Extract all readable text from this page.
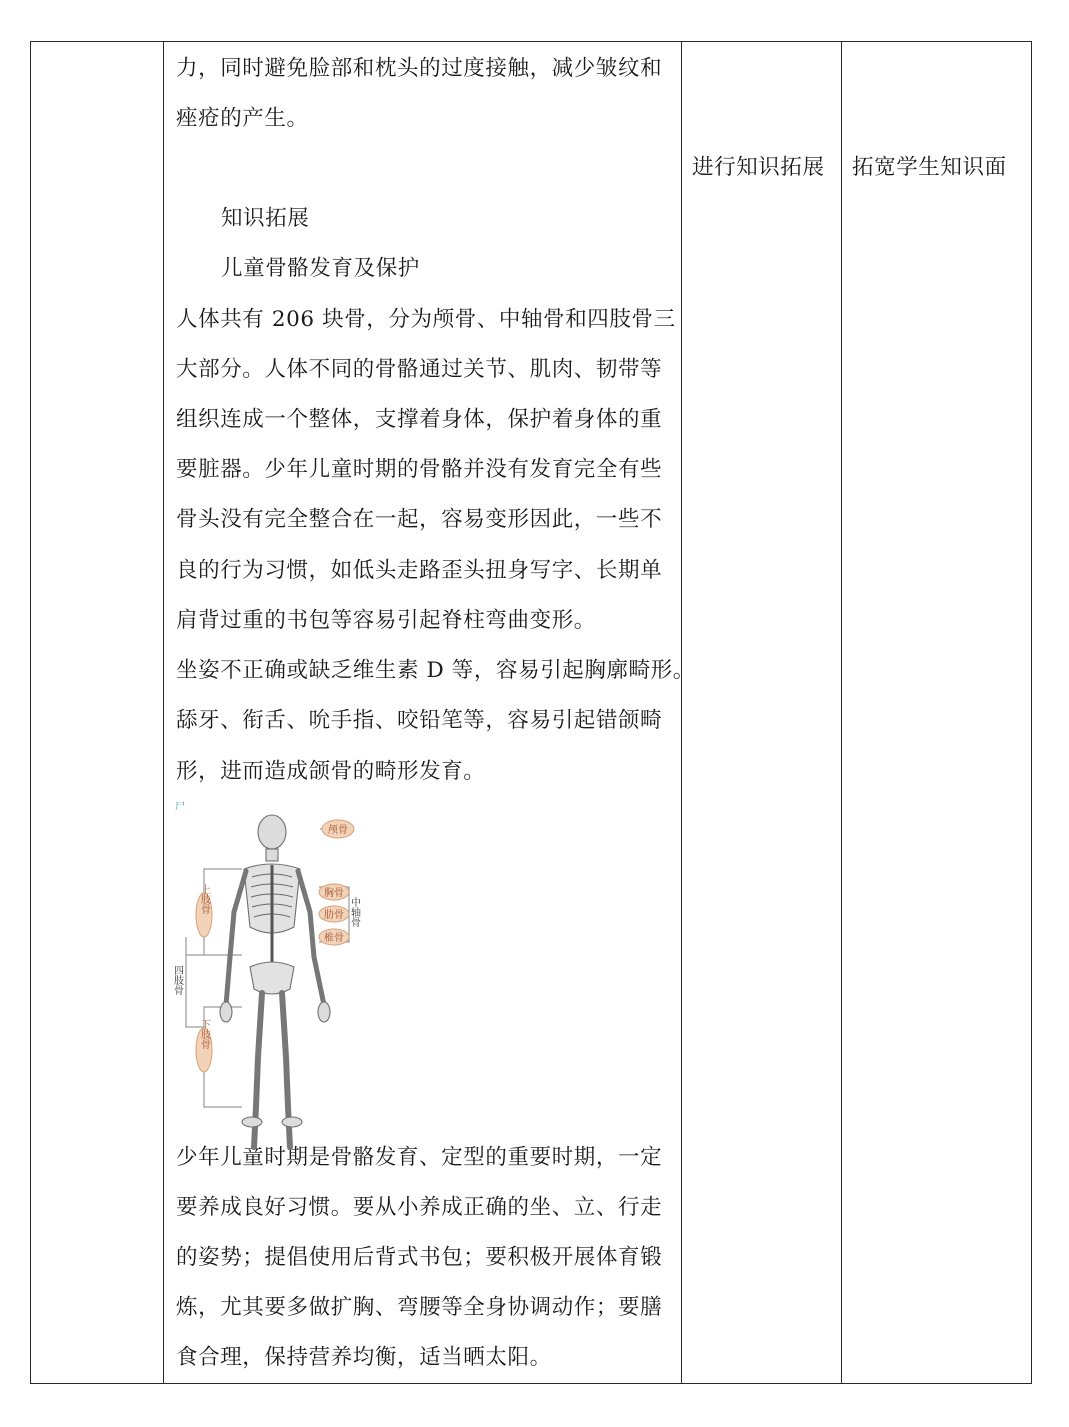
力，同时避免脸部和枕头的过度接触，减少皱纹和
痤疮的产生。
知识拓展
儿童骨骼发育及保护
人体共有 206 块骨，分为颅骨、中轴骨和四肢骨三
大部分。人体不同的骨骼通过关节、肌肉、韧带等
组织连成一个整体，支撑着身体，保护着身体的重
要脏器。少年儿童时期的骨骼并没有发育完全有些
骨头没有完全整合在一起，容易变形因此，一些不
良的行为习惯，如低头走路歪头扭身写字、长期单
肩背过重的书包等容易引起脊柱弯曲变形。
坐姿不正确或缺乏维生素 D 等，容易引起胸廓畸形。
舔牙、衔舌、吮手指、咬铅笔等，容易引起错颌畸
形，进而造成颌骨的畸形发育。
少年儿童时期是骨骼发育、定型的重要时期，一定
要养成良好习惯。要从小养成正确的坐、立、行走
的姿势；提倡使用后背式书包；要积极开展体育锻
炼，尤其要多做扩胸、弯腰等全身协调动作；要膳
食合理，保持营养均衡，适当晒太阳。
进行知识拓展 拓宽学生知识面
尸
颅骨
胸骨
肋骨
椎骨
中轴骨
上肢骨
下肢骨
四肢骨
